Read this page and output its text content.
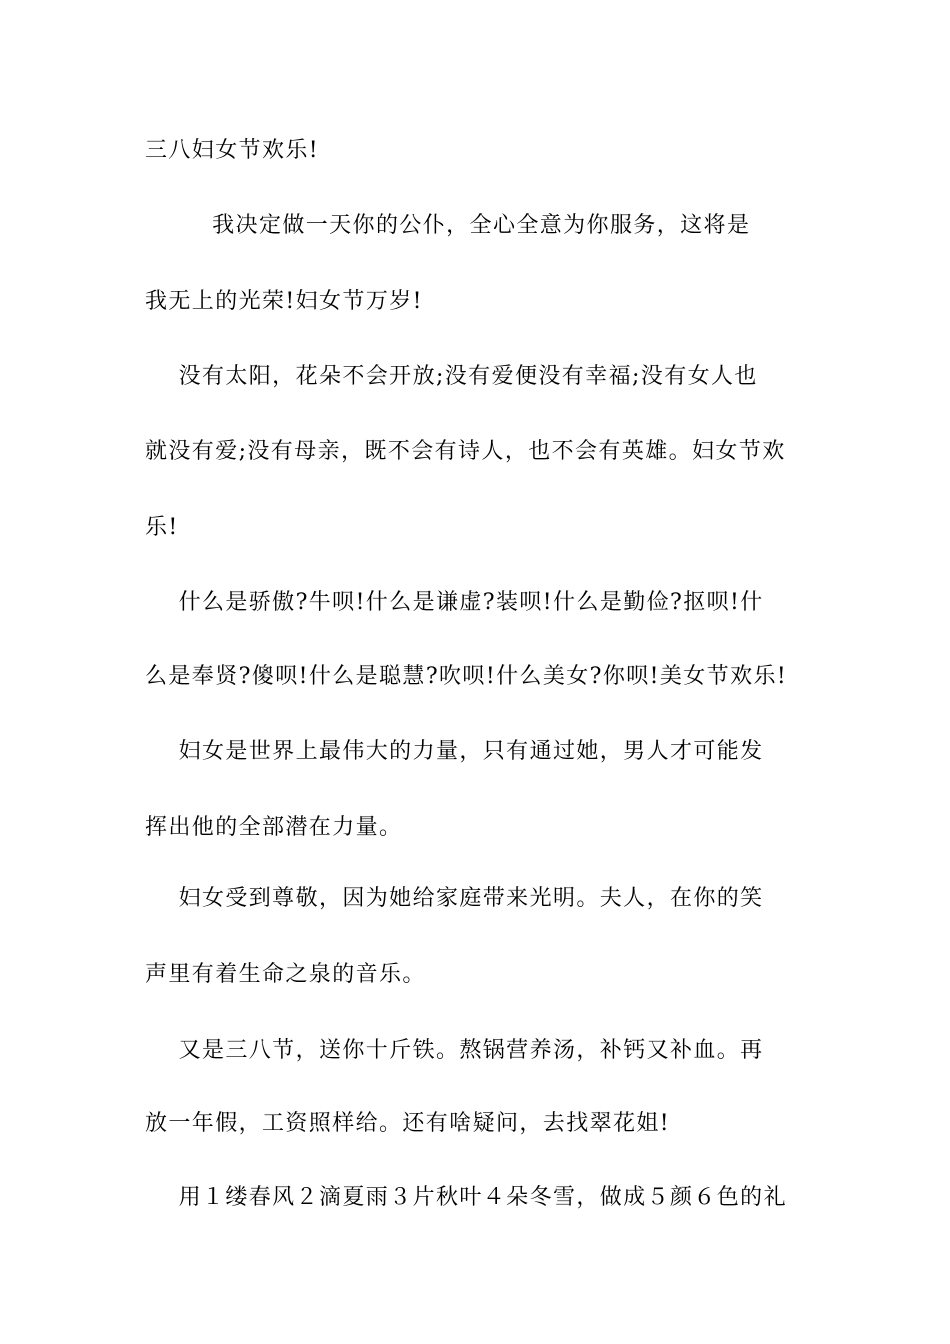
三八妇女节欢乐!
我决定做一天你的公仆，全心全意为你服务，这将是
我无上的光荣!妇女节万岁!
没有太阳，花朵不会开放;没有爱便没有幸福;没有女人也
就没有爱;没有母亲，既不会有诗人，也不会有英雄。妇女节欢
乐!
什么是骄傲?牛呗!什么是谦虚?装呗!什么是勤俭?抠呗!什
么是奉贤?傻呗!什么是聪慧?吹呗!什么美女?你呗!美女节欢乐!
妇女是世界上最伟大的力量，只有通过她，男人才可能发
挥出他的全部潜在力量。
妇女受到尊敬，因为她给家庭带来光明。夫人，在你的笑
声里有着生命之泉的音乐。
又是三八节，送你十斤铁。熬锅营养汤，补钙又补血。再
放一年假，工资照样给。还有啥疑问，去找翠花姐!
用１缕春风２滴夏雨３片秋叶４朵冬雪，做成５颜６色的礼
